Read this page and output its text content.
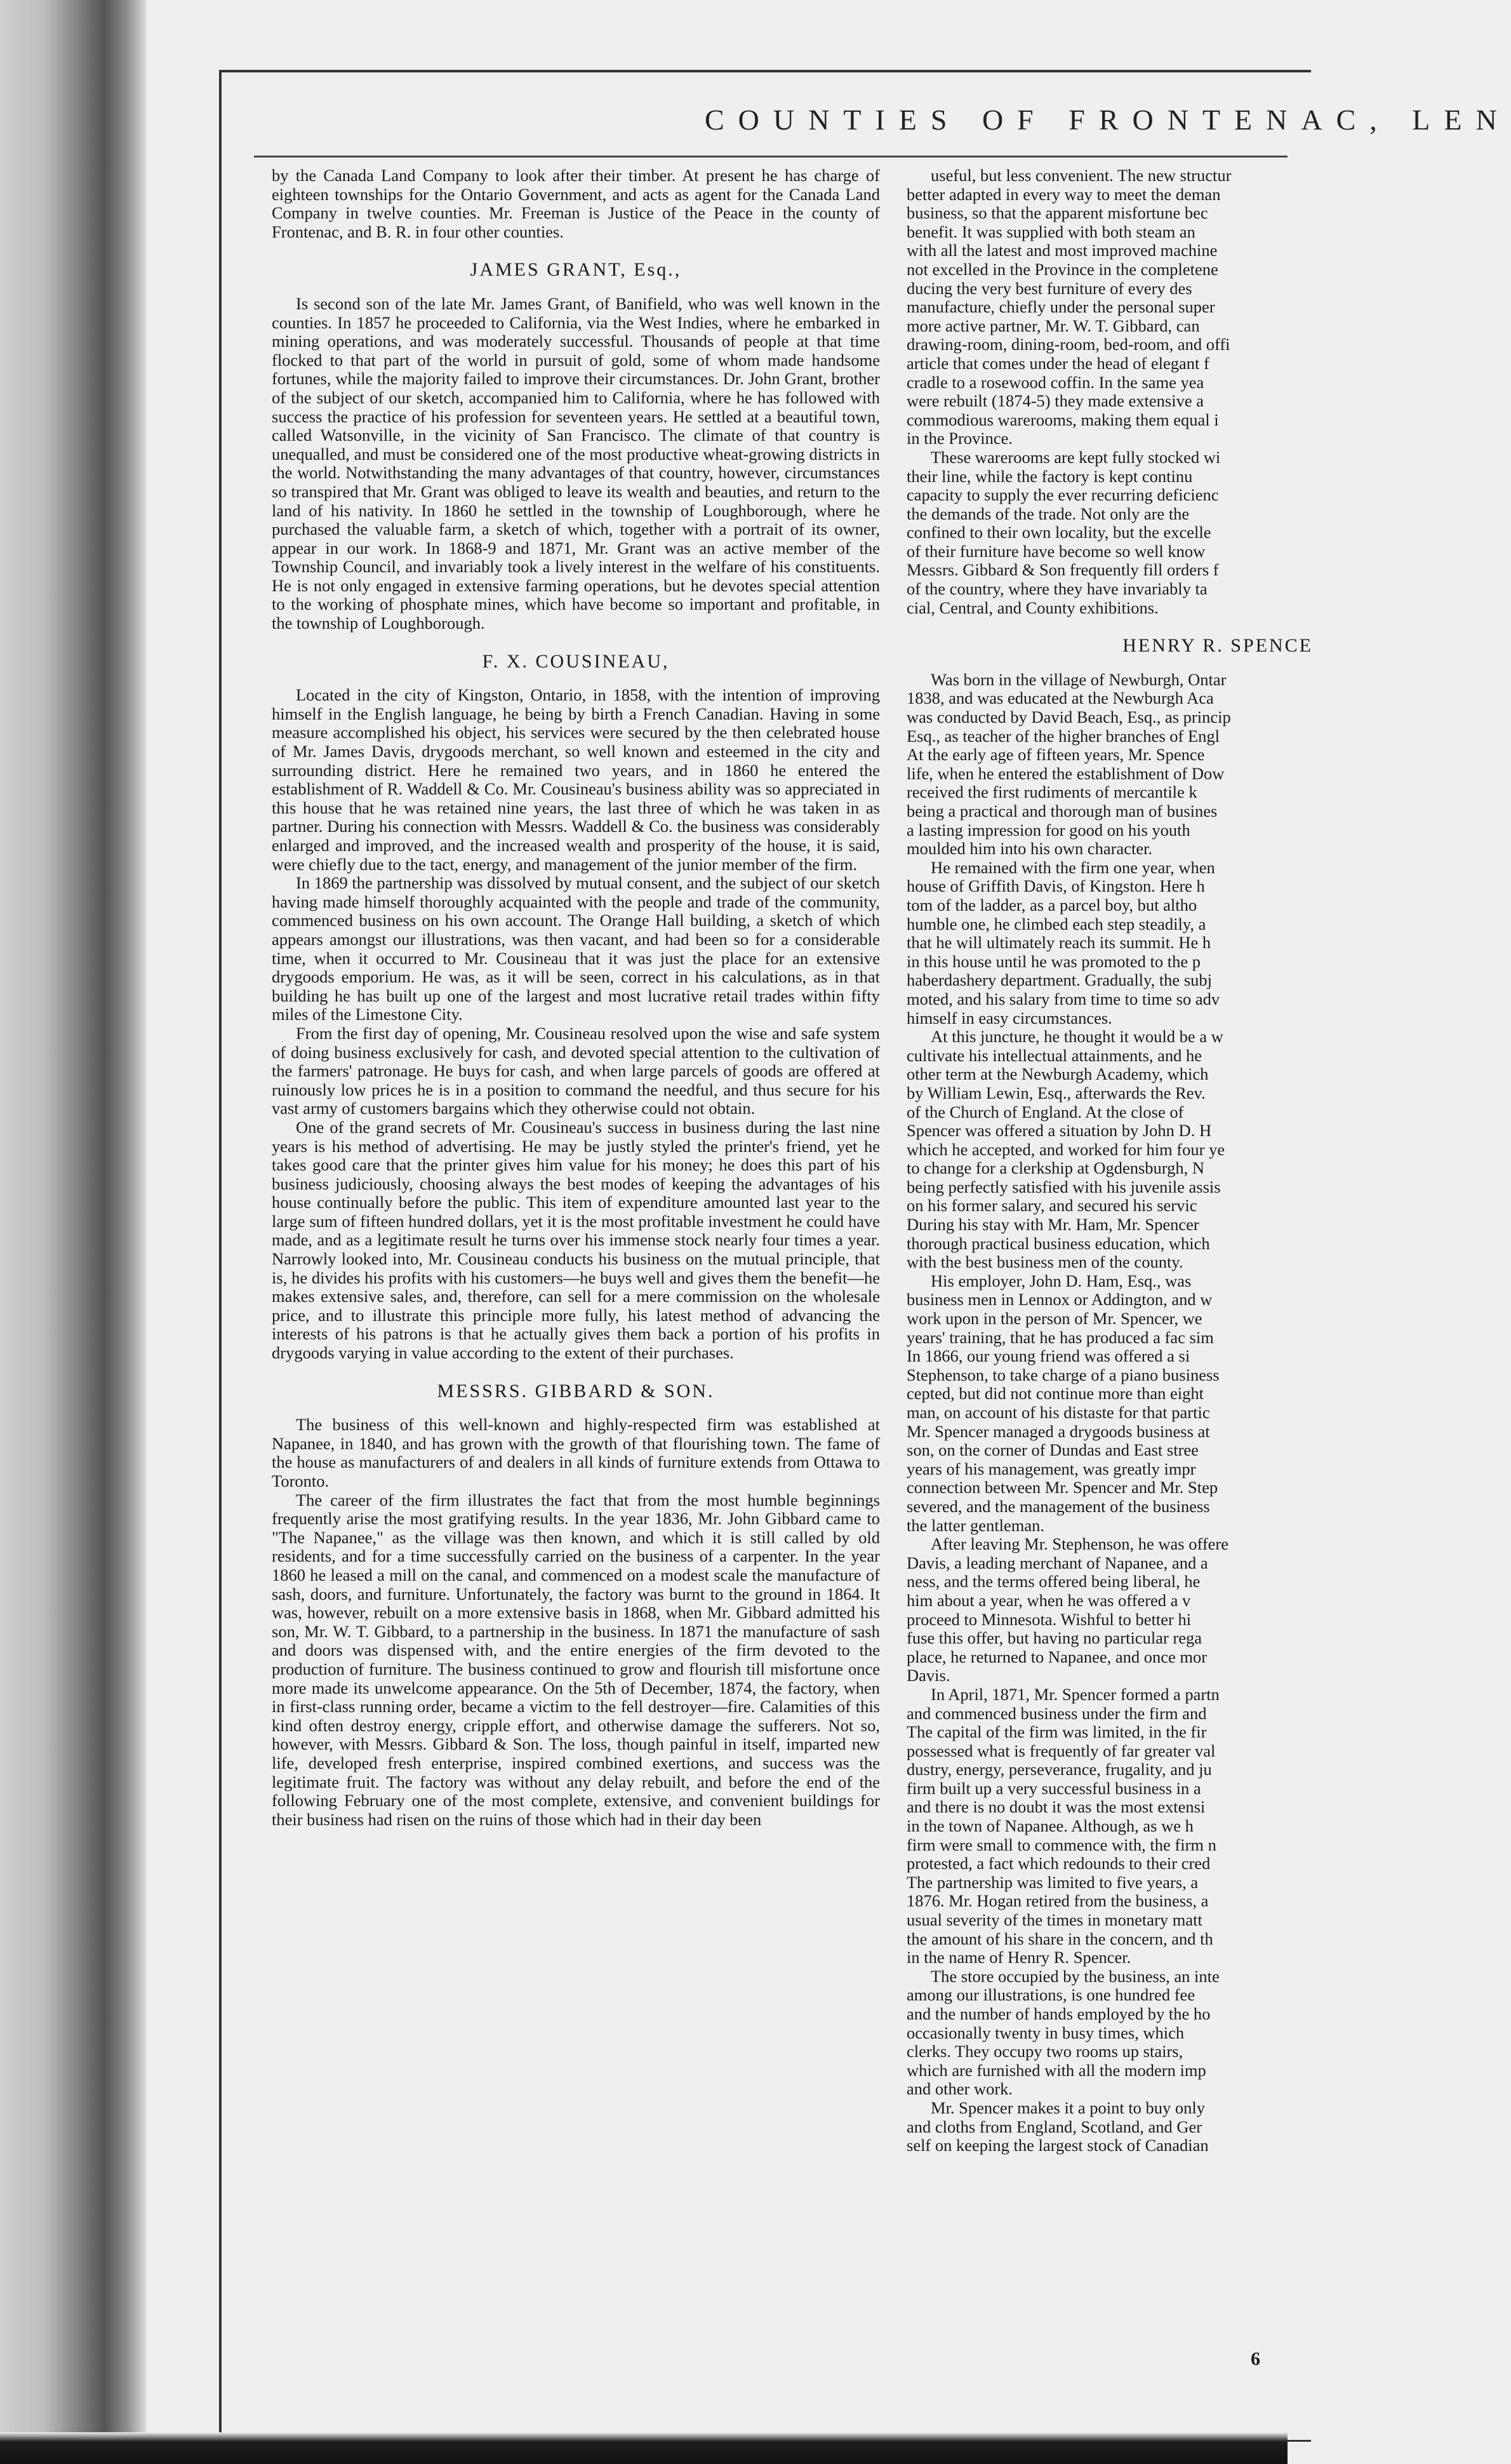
COUNTIES OF FRONTENAC, LEN

by the Canada Land Company to look after their timber. At present he has charge of eighteen townships for the Ontario Government, and acts as agent for the Canada Land Company in twelve counties. Mr. Freeman is Justice of the Peace in the county of Frontenac, and B. R. in four other counties.

JAMES GRANT, Esq.,

Is second son of the late Mr. James Grant, of Banifield, who was well known in the counties. In 1857 he proceeded to California, via the West Indies, where he embarked in mining operations, and was moderately successful. Thousands of people at that time flocked to that part of the world in pursuit of gold, some of whom made handsome fortunes, while the majority failed to improve their circumstances. Dr. John Grant, brother of the subject of our sketch, accompanied him to California, where he has followed with success the practice of his profession for seventeen years. He settled at a beautiful town, called Watsonville, in the vicinity of San Francisco. The climate of that country is unequalled, and must be considered one of the most productive wheat-growing districts in the world. Notwithstanding the many advantages of that country, however, circumstances so transpired that Mr. Grant was obliged to leave its wealth and beauties, and return to the land of his nativity. In 1860 he settled in the township of Loughborough, where he purchased the valuable farm, a sketch of which, together with a portrait of its owner, appear in our work. In 1868-9 and 1871, Mr. Grant was an active member of the Township Council, and invariably took a lively interest in the welfare of his constituents. He is not only engaged in extensive farming operations, but he devotes special attention to the working of phosphate mines, which have become so important and profitable, in the township of Loughborough.

F. X. COUSINEAU,

Located in the city of Kingston, Ontario, in 1858, with the intention of improving himself in the English language, he being by birth a French Canadian. Having in some measure accomplished his object, his services were secured by the then celebrated house of Mr. James Davis, drygoods merchant, so well known and esteemed in the city and surrounding district. Here he remained two years, and in 1860 he entered the establishment of R. Waddell & Co. Mr. Cousineau's business ability was so appreciated in this house that he was retained nine years, the last three of which he was taken in as partner. During his connection with Messrs. Waddell & Co. the business was considerably enlarged and improved, and the increased wealth and prosperity of the house, it is said, were chiefly due to the tact, energy, and management of the junior member of the firm.

In 1869 the partnership was dissolved by mutual consent, and the subject of our sketch having made himself thoroughly acquainted with the people and trade of the community, commenced business on his own account. The Orange Hall building, a sketch of which appears amongst our illustrations, was then vacant, and had been so for a considerable time, when it occurred to Mr. Cousineau that it was just the place for an extensive drygoods emporium. He was, as it will be seen, correct in his calculations, as in that building he has built up one of the largest and most lucrative retail trades within fifty miles of the Limestone City.

From the first day of opening, Mr. Cousineau resolved upon the wise and safe system of doing business exclusively for cash, and devoted special attention to the cultivation of the farmers' patronage. He buys for cash, and when large parcels of goods are offered at ruinously low prices he is in a position to command the needful, and thus secure for his vast army of customers bargains which they otherwise could not obtain.

One of the grand secrets of Mr. Cousineau's success in business during the last nine years is his method of advertising. He may be justly styled the printer's friend, yet he takes good care that the printer gives him value for his money; he does this part of his business judiciously, choosing always the best modes of keeping the advantages of his house continually before the public. This item of expenditure amounted last year to the large sum of fifteen hundred dollars, yet it is the most profitable investment he could have made, and as a legitimate result he turns over his immense stock nearly four times a year. Narrowly looked into, Mr. Cousineau conducts his business on the mutual principle, that is, he divides his profits with his customers—he buys well and gives them the benefit—he makes extensive sales, and, therefore, can sell for a mere commission on the wholesale price, and to illustrate this principle more fully, his latest method of advancing the interests of his patrons is that he actually gives them back a portion of his profits in drygoods varying in value according to the extent of their purchases.

MESSRS. GIBBARD & SON.

The business of this well-known and highly-respected firm was established at Napanee, in 1840, and has grown with the growth of that flourishing town. The fame of the house as manufacturers of and dealers in all kinds of furniture extends from Ottawa to Toronto.

The career of the firm illustrates the fact that from the most humble beginnings frequently arise the most gratifying results. In the year 1836, Mr. John Gibbard came to "The Napanee," as the village was then known, and which it is still called by old residents, and for a time successfully carried on the business of a carpenter. In the year 1860 he leased a mill on the canal, and commenced on a modest scale the manufacture of sash, doors, and furniture. Unfortunately, the factory was burnt to the ground in 1864. It was, however, rebuilt on a more extensive basis in 1868, when Mr. Gibbard admitted his son, Mr. W. T. Gibbard, to a partnership in the business. In 1871 the manufacture of sash and doors was dispensed with, and the entire energies of the firm devoted to the production of furniture. The business continued to grow and flourish till misfortune once more made its unwelcome appearance. On the 5th of December, 1874, the factory, when in first-class running order, became a victim to the fell destroyer—fire. Calamities of this kind often destroy energy, cripple effort, and otherwise damage the sufferers. Not so, however, with Messrs. Gibbard & Son. The loss, though painful in itself, imparted new life, developed fresh enterprise, inspired combined exertions, and success was the legitimate fruit. The factory was without any delay rebuilt, and before the end of the following February one of the most complete, extensive, and convenient buildings for their business had risen on the ruins of those which had in their day been

useful, but less convenient. The new structur
better adapted in every way to meet the deman
business, so that the apparent misfortune bec
benefit. It was supplied with both steam an
with all the latest and most improved machine
not excelled in the Province in the completene
ducing the very best furniture of every des
manufacture, chiefly under the personal super
more active partner, Mr. W. T. Gibbard, can
drawing-room, dining-room, bed-room, and offi
article that comes under the head of elegant f
cradle to a rosewood coffin. In the same yea
were rebuilt (1874-5) they made extensive a
commodious warerooms, making them equal i
in the Province.
These warerooms are kept fully stocked wi
their line, while the factory is kept continu
capacity to supply the ever recurring deficienc
the demands of the trade. Not only are the
confined to their own locality, but the excelle
of their furniture have become so well know
Messrs. Gibbard & Son frequently fill orders f
of the country, where they have invariably ta
cial, Central, and County exhibitions.
HENRY R. SPENCE
Was born in the village of Newburgh, Ontar
1838, and was educated at the Newburgh Aca
was conducted by David Beach, Esq., as princip
Esq., as teacher of the higher branches of Engl
At the early age of fifteen years, Mr. Spence
life, when he entered the establishment of Dow
received the first rudiments of mercantile k
being a practical and thorough man of busines
a lasting impression for good on his youth
moulded him into his own character.
He remained with the firm one year, when
house of Griffith Davis, of Kingston. Here h
tom of the ladder, as a parcel boy, but altho
humble one, he climbed each step steadily, a
that he will ultimately reach its summit. He h
in this house until he was promoted to the p
haberdashery department. Gradually, the subj
moted, and his salary from time to time so adv
himself in easy circumstances.
At this juncture, he thought it would be a w
cultivate his intellectual attainments, and he
other term at the Newburgh Academy, which
by William Lewin, Esq., afterwards the Rev.
of the Church of England. At the close of
Spencer was offered a situation by John D. H
which he accepted, and worked for him four ye
to change for a clerkship at Ogdensburgh, N
being perfectly satisfied with his juvenile assis
on his former salary, and secured his servic
During his stay with Mr. Ham, Mr. Spencer
thorough practical business education, which
with the best business men of the county.
His employer, John D. Ham, Esq., was
business men in Lennox or Addington, and w
work upon in the person of Mr. Spencer, we
years' training, that he has produced a fac sim
In 1866, our young friend was offered a si
Stephenson, to take charge of a piano business
cepted, but did not continue more than eight
man, on account of his distaste for that partic
Mr. Spencer managed a drygoods business at
son, on the corner of Dundas and East stree
years of his management, was greatly impr
connection between Mr. Spencer and Mr. Step
severed, and the management of the business
the latter gentleman.
After leaving Mr. Stephenson, he was offere
Davis, a leading merchant of Napanee, and a
ness, and the terms offered being liberal, he
him about a year, when he was offered a v
proceed to Minnesota. Wishful to better hi
fuse this offer, but having no particular rega
place, he returned to Napanee, and once mor
Davis.
In April, 1871, Mr. Spencer formed a partn
and commenced business under the firm and
The capital of the firm was limited, in the fir
possessed what is frequently of far greater val
dustry, energy, perseverance, frugality, and ju
firm built up a very successful business in a
and there is no doubt it was the most extensi
in the town of Napanee. Although, as we h
firm were small to commence with, the firm n
protested, a fact which redounds to their cred
The partnership was limited to five years, a
1876. Mr. Hogan retired from the business, a
usual severity of the times in monetary matt
the amount of his share in the concern, and th
in the name of Henry R. Spencer.
The store occupied by the business, an inte
among our illustrations, is one hundred fee
and the number of hands employed by the ho
occasionally twenty in busy times, which
clerks. They occupy two rooms up stairs,
which are furnished with all the modern imp
and other work.
Mr. Spencer makes it a point to buy only
and cloths from England, Scotland, and Ger
self on keeping the largest stock of Canadian
6
